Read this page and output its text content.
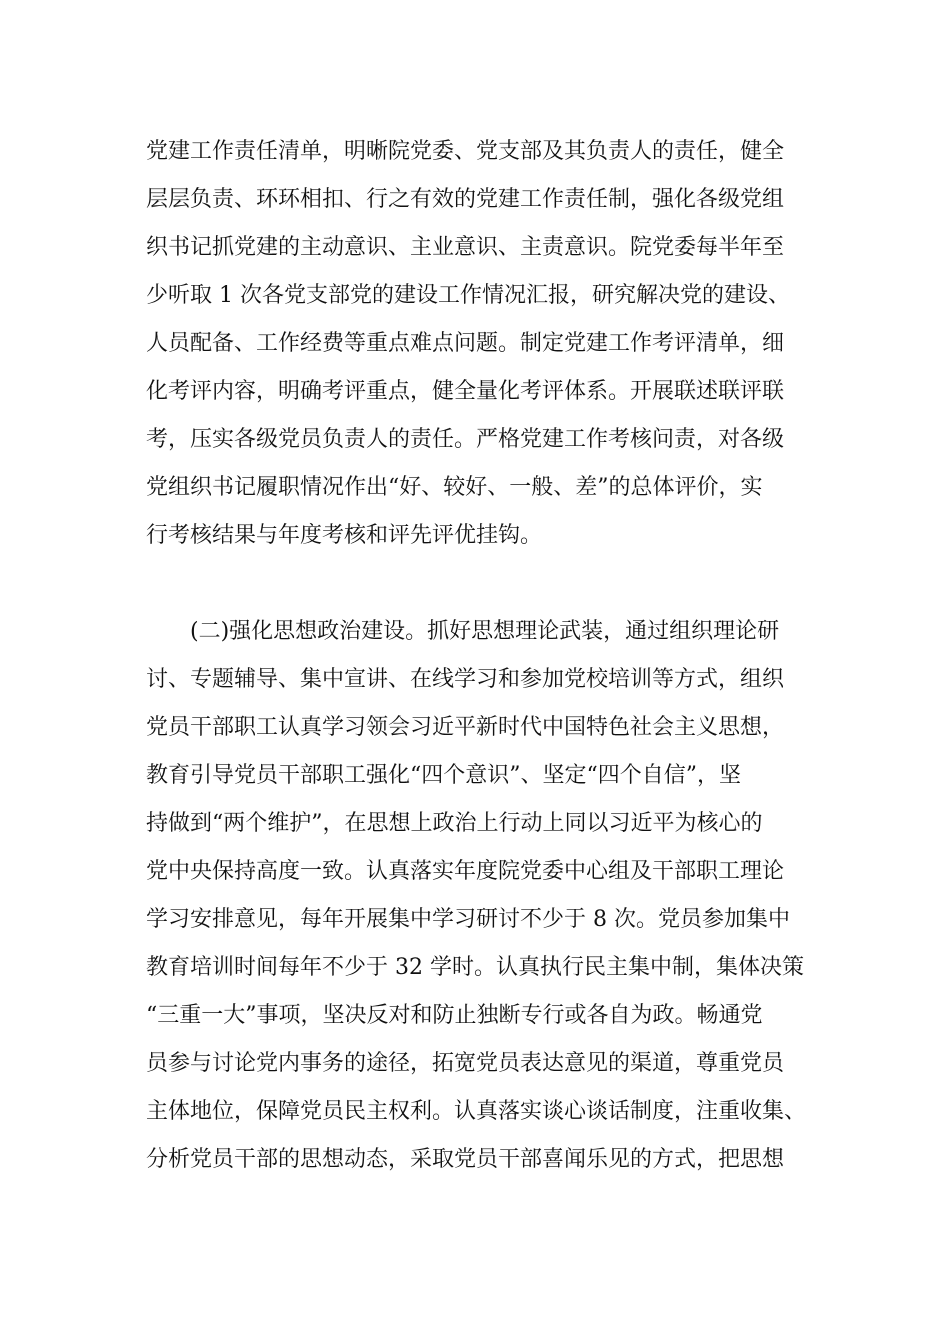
党建工作责任清单，明晰院党委、党支部及其负责人的责任，健全
层层负责、环环相扣、行之有效的党建工作责任制，强化各级党组
织书记抓党建的主动意识、主业意识、主责意识。院党委每半年至
少听取 1 次各党支部党的建设工作情况汇报，研究解决党的建设、
人员配备、工作经费等重点难点问题。制定党建工作考评清单，细
化考评内容，明确考评重点，健全量化考评体系。开展联述联评联
考，压实各级党员负责人的责任。严格党建工作考核问责，对各级
党组织书记履职情况作出“好、较好、一般、差”的总体评价，实
行考核结果与年度考核和评先评优挂钩。
(二)强化思想政治建设。抓好思想理论武装，通过组织理论研
讨、专题辅导、集中宣讲、在线学习和参加党校培训等方式，组织
党员干部职工认真学习领会习近平新时代中国特色社会主义思想，
教育引导党员干部职工强化“四个意识”、坚定“四个自信”，坚
持做到“两个维护”，在思想上政治上行动上同以习近平为核心的
党中央保持高度一致。认真落实年度院党委中心组及干部职工理论
学习安排意见，每年开展集中学习研讨不少于 8 次。党员参加集中
教育培训时间每年不少于 32 学时。认真执行民主集中制，集体决策
“三重一大”事项，坚决反对和防止独断专行或各自为政。畅通党
员参与讨论党内事务的途径，拓宽党员表达意见的渠道，尊重党员
主体地位，保障党员民主权利。认真落实谈心谈话制度，注重收集、
分析党员干部的思想动态，采取党员干部喜闻乐见的方式，把思想
